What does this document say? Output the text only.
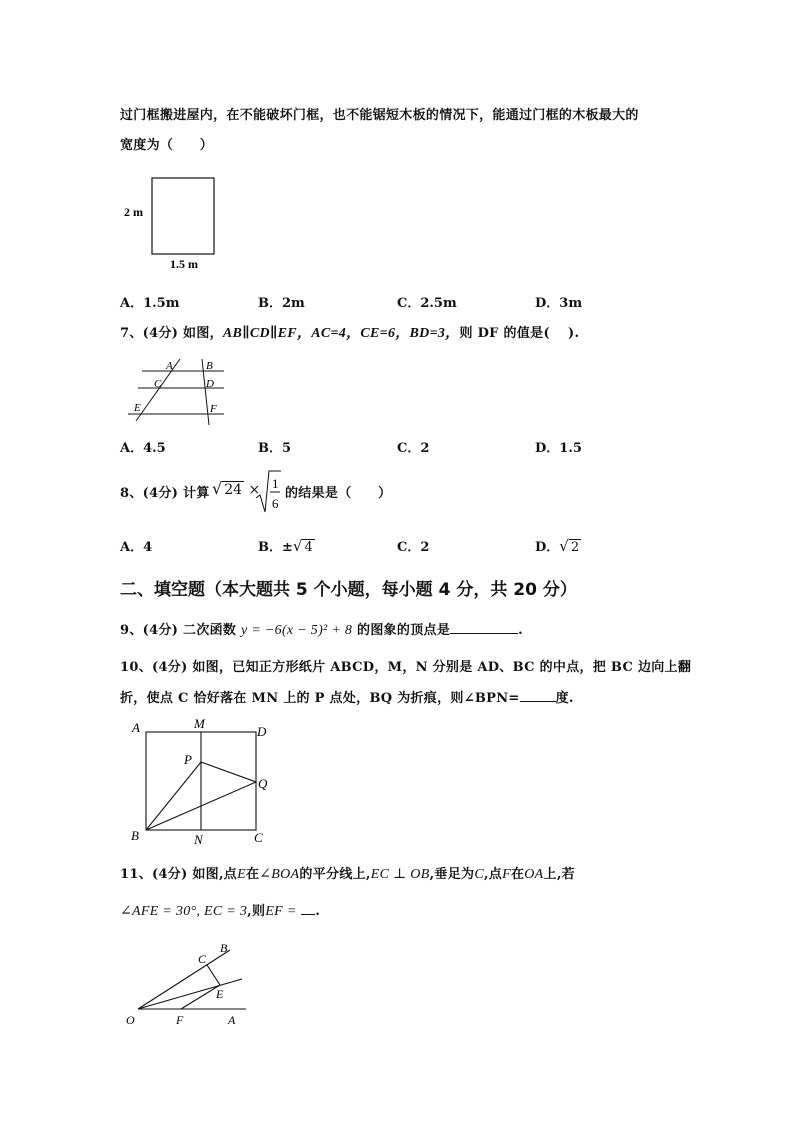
过门框搬进屋内，在不能破坏门框，也不能锯短木板的情况下，能通过门框的木板最大的
宽度为（　　）
2 m
1.5 m
A．1.5m	B．2m	C．2.5m	D．3m
7、(4分) 如图，AB∥CD∥EF，AC=4，CE=6，BD=3，则 DF 的值是(　 ).
A	B
C	D
E	F
A．4.5	B．5	C．2	D．1.5
8、(4分) 计算 √ 24 × 1
6
的结果是（　　）
A．4	B．±√ 4	C．2	D．√ 2
二、填空题（本大题共 5 个小题，每小题 4 分，共 20 分）
9、(4分) 二次函数 y = −6(x − 5)² + 8 的图象的顶点是	.
10、(4分) 如图，已知正方形纸片 ABCD，M，N 分别是 AD、BC 的中点，把 BC 边向上翻
折，使点 C 恰好落在 MN 上的 P 点处，BQ 为折痕，则∠BPN=	度.
A	M
D
P
Q
B	N	C
11、(4分) 如图,点E在∠BOA的平分线上,EC ⊥ OB,垂足为C,点F在OA上,若
∠AFE = 30°, EC = 3,则EF = .
B
C
E
O	F	A
